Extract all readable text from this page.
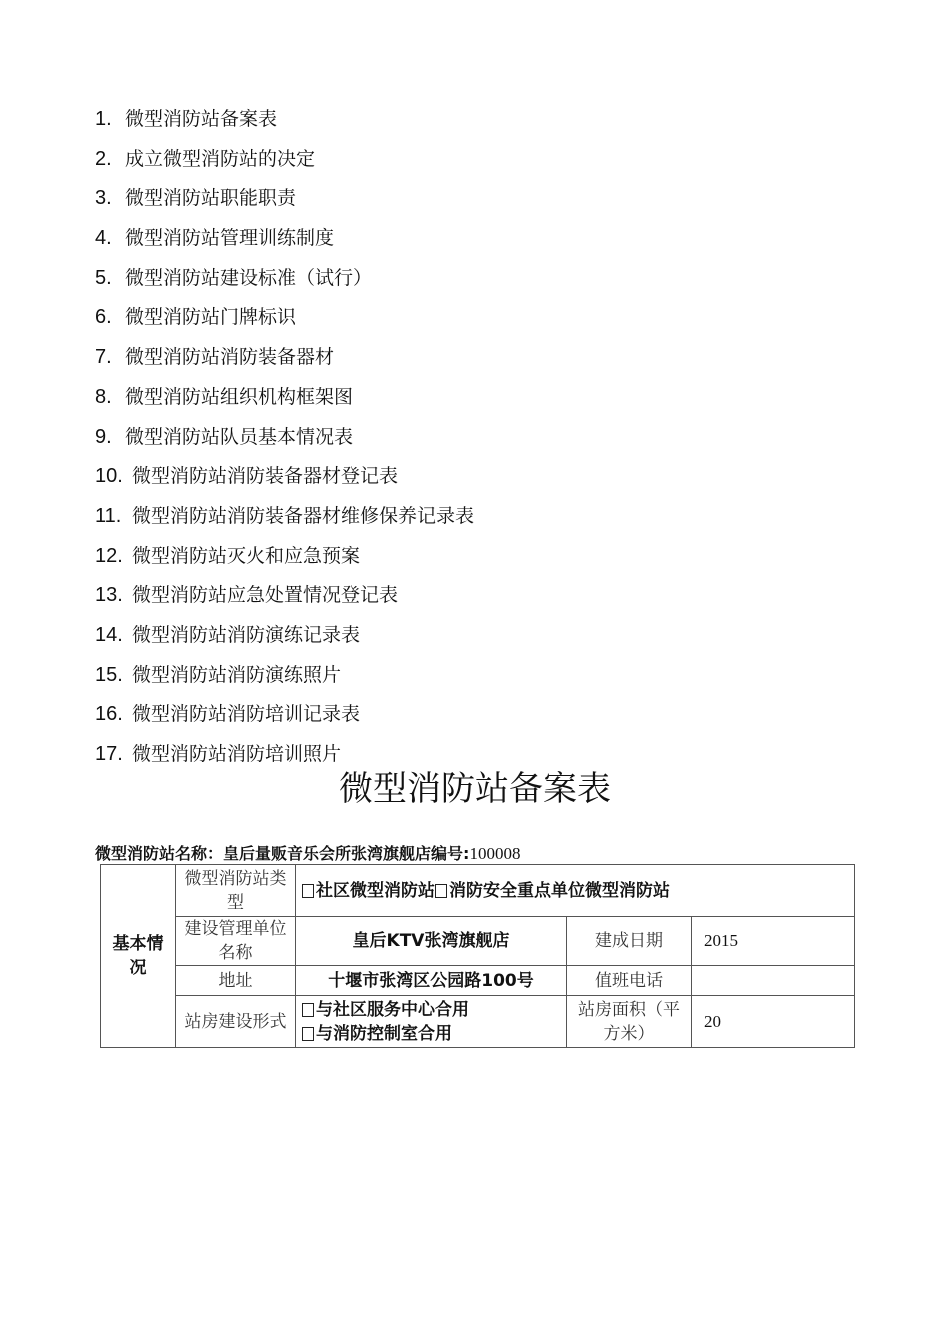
1. 微型消防站备案表
2. 成立微型消防站的决定
3. 微型消防站职能职责
4. 微型消防站管理训练制度
5. 微型消防站建设标准（试行）
6. 微型消防站门牌标识
7. 微型消防站消防装备器材
8. 微型消防站组织机构框架图
9. 微型消防站队员基本情况表
10. 微型消防站消防装备器材登记表
11. 微型消防站消防装备器材维修保养记录表
12. 微型消防站灭火和应急预案
13. 微型消防站应急处置情况登记表
14. 微型消防站消防演练记录表
15. 微型消防站消防演练照片
16. 微型消防站消防培训记录表
17. 微型消防站消防培训照片
微型消防站备案表
微型消防站名称：皇后量贩音乐会所张湾旗舰店编号:100008
基本情况	微型消防站类型	社区微型消防站 消防安全重点单位微型消防站		
	建设管理单位名称	皇后KTV张湾旗舰店	建成日期	2015
	地址	十堰市张湾区公园路100号	值班电话	
	站房建设形式	与社区服务中心合用
与消防控制室合用	站房面积（平方米）	20
